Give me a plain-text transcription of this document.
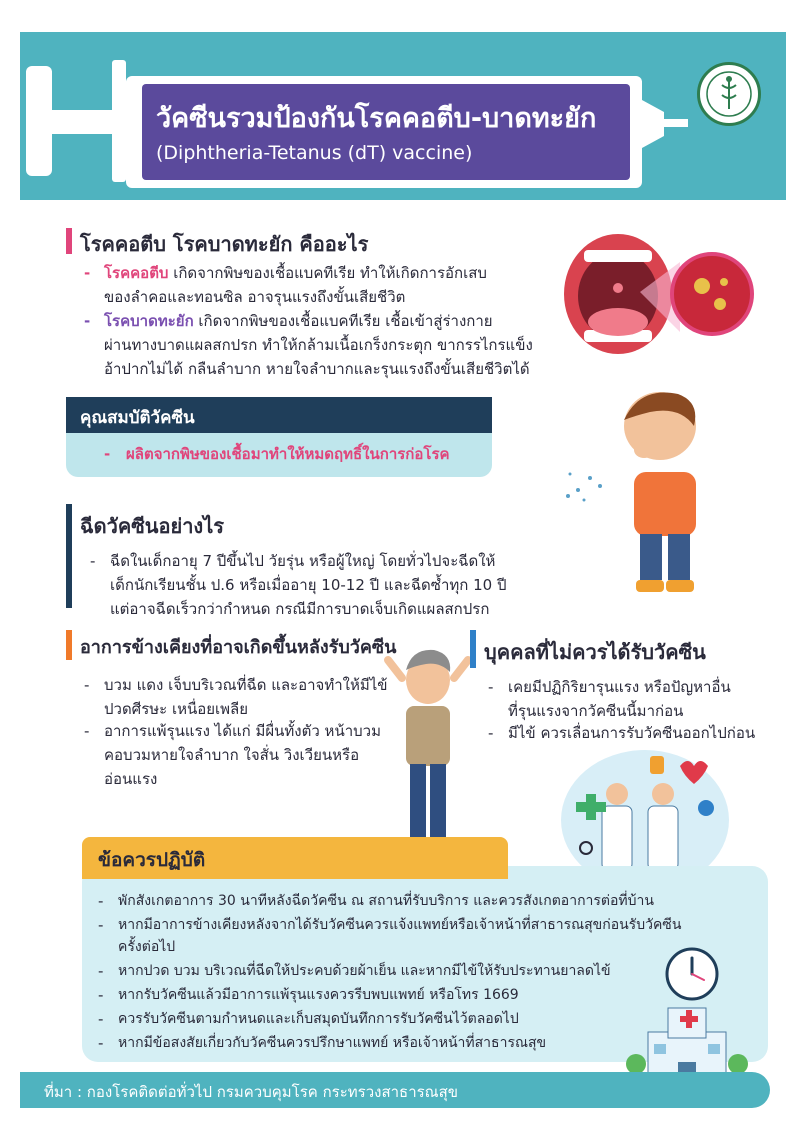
วัคซีนรวมป้องกันโรคคอตีบ-บาดทะยัก
(Diphtheria-Tetanus (dT) vaccine)
โรคคอตีบ โรคบาดทะยัก คืออะไร
- โรคคอตีบ เกิดจากพิษของเชื้อแบคทีเรีย ทำให้เกิดการอักเสบ
ของลำคอและทอนซิล อาจรุนแรงถึงขั้นเสียชีวิต
- โรคบาดทะยัก เกิดจากพิษของเชื้อแบคทีเรีย เชื้อเข้าสู่ร่างกาย
ผ่านทางบาดแผลสกปรก ทำให้กล้ามเนื้อเกร็งกระตุก ขากรรไกรแข็ง
อ้าปากไม่ได้ กลืนลำบาก หายใจลำบากและรุนแรงถึงขั้นเสียชีวิตได้
คุณสมบัติวัคซีน
- ผลิตจากพิษของเชื้อมาทำให้หมดฤทธิ์ในการก่อโรค
ฉีดวัคซีนอย่างไร
- ฉีดในเด็กอายุ 7 ปีขึ้นไป วัยรุ่น หรือผู้ใหญ่ โดยทั่วไปจะฉีดให้
เด็กนักเรียนชั้น ป.6 หรือเมื่ออายุ 10-12 ปี และฉีดซ้ำทุก 10 ปี
แต่อาจฉีดเร็วกว่ากำหนด กรณีมีการบาดเจ็บเกิดแผลสกปรก
อาการข้างเคียงที่อาจเกิดขึ้นหลังรับวัคซีน
- บวม แดง เจ็บบริเวณที่ฉีด และอาจทำให้มีไข้
ปวดศีรษะ เหนื่อยเพลีย
- อาการแพ้รุนแรง ได้แก่ มีผื่นทั้งตัว หน้าบวม
คอบวมหายใจลำบาก ใจสั่น วิงเวียนหรือ
อ่อนแรง
บุคคลที่ไม่ควรได้รับวัคซีน
- เคยมีปฏิกิริยารุนแรง หรือปัญหาอื่น
ที่รุนแรงจากวัคซีนนี้มาก่อน
- มีไข้ ควรเลื่อนการรับวัคซีนออกไปก่อน
ข้อควรปฏิบัติ
- พักสังเกตอาการ 30 นาทีหลังฉีดวัคซีน ณ สถานที่รับบริการ และควรสังเกตอาการต่อที่บ้าน
- หากมีอาการข้างเคียงหลังจากได้รับวัคซีนควรแจ้งแพทย์หรือเจ้าหน้าที่สาธารณสุขก่อนรับวัคซีน
ครั้งต่อไป
- หากปวด บวม บริเวณที่ฉีดให้ประคบด้วยผ้าเย็น และหากมีไข้ให้รับประทานยาลดไข้
- หากรับวัคซีนแล้วมีอาการแพ้รุนแรงควรรีบพบแพทย์ หรือโทร 1669
- ควรรับวัคซีนตามกำหนดและเก็บสมุดบันทึกการรับวัคซีนไว้ตลอดไป
- หากมีข้อสงสัยเกี่ยวกับวัคซีนควรปรึกษาแพทย์ หรือเจ้าหน้าที่สาธารณสุข
ที่มา : กองโรคติดต่อทั่วไป กรมควบคุมโรค กระทรวงสาธารณสุข
